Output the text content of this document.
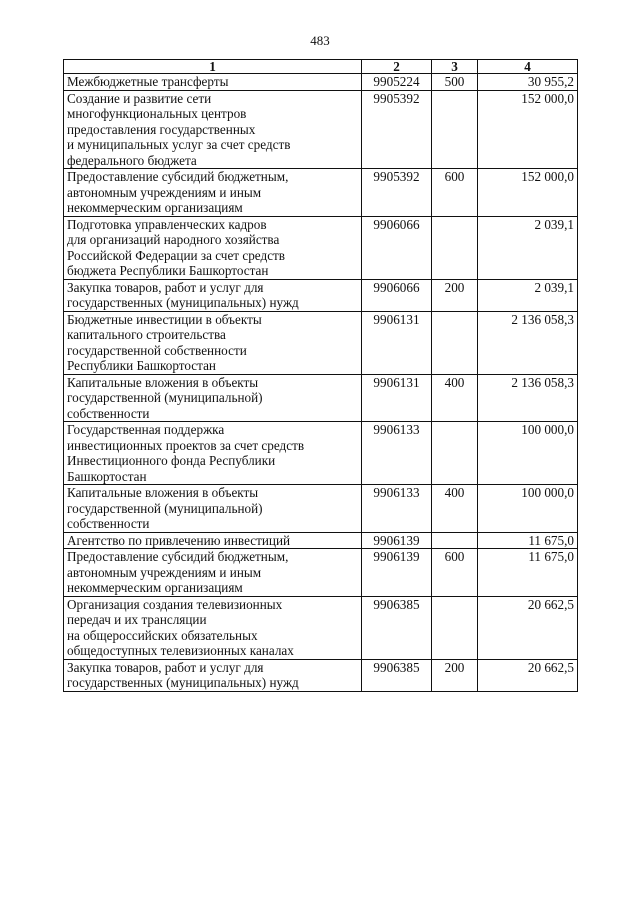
483
1	2	3	4
Межбюджетные трансферты	9905224	500	30 955,2
Создание и развитие сети
многофункциональных центров
предоставления государственных
и муниципальных услуг за счет средств
федерального бюджета	9905392		152 000,0
Предоставление субсидий бюджетным,
автономным учреждениям и иным
некоммерческим организациям	9905392	600	152 000,0
Подготовка управленческих кадров
для организаций народного хозяйства
Российской Федерации за счет средств
бюджета Республики Башкортостан	9906066		2 039,1
Закупка товаров, работ и услуг для
государственных (муниципальных) нужд	9906066	200	2 039,1
Бюджетные инвестиции в объекты
капитального строительства
государственной собственности
Республики Башкортостан	9906131		2 136 058,3
Капитальные вложения в объекты
государственной (муниципальной)
собственности	9906131	400	2 136 058,3
Государственная поддержка
инвестиционных проектов за счет средств
Инвестиционного фонда Республики
Башкортостан	9906133		100 000,0
Капитальные вложения в объекты
государственной (муниципальной)
собственности	9906133	400	100 000,0
Агентство по привлечению инвестиций	9906139		11 675,0
Предоставление субсидий бюджетным,
автономным учреждениям и иным
некоммерческим организациям	9906139	600	11 675,0
Организация создания телевизионных
передач и их трансляции
на общероссийских обязательных
общедоступных телевизионных каналах	9906385		20 662,5
Закупка товаров, работ и услуг для
государственных (муниципальных) нужд	9906385	200	20 662,5
